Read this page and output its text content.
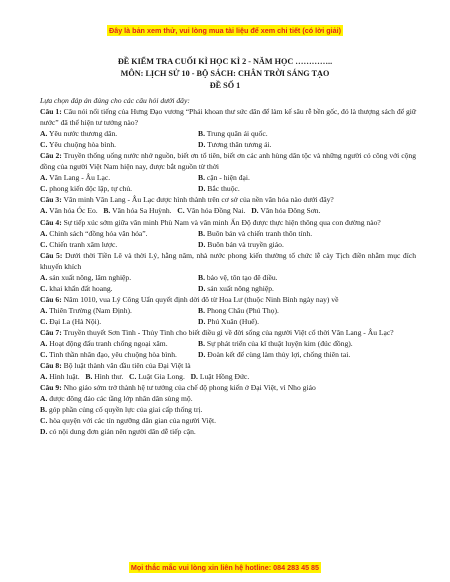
Đây là bản xem thử, vui lòng mua tài liệu để xem chi tiết (có lời giải)
ĐỀ KIỂM TRA CUỐI KÌ HỌC KÌ 2 - NĂM HỌC …………..
MÔN: LỊCH SỬ 10 - BỘ SÁCH: CHÂN TRỜI SÁNG TẠO
ĐỀ SỐ 1
Lựa chọn đáp án đúng cho các câu hỏi dưới đây:
Câu 1: Câu nói nổi tiếng của Hưng Đạo vương “Phải khoan thư sức dân để làm kế sâu rễ bền gốc, đó là thượng sách để giữ nước” đã thể hiện tư tưởng nào?
A. Yêu nước thương dân.	B. Trung quân ái quốc.
C. Yêu chuộng hòa bình.	D. Tương thân tương ái.
Câu 2: Truyền thống uống nước nhớ nguồn, biết ơn tổ tiên, biết ơn các anh hùng dân tộc và những người có công với cộng đồng của người Việt Nam hiện nay, được bắt nguồn từ thời
A. Văn Lang - Âu Lạc.	B. cận - hiện đại.
C. phong kiến độc lập, tự chủ.	D. Bắc thuộc.
Câu 3: Văn minh Văn Lang - Âu Lạc được hình thành trên cơ sở của nền văn hóa nào dưới đây?
A. Văn hóa Óc Eo. B. Văn hóa Sa Huỳnh. C. Văn hóa Đồng Nai. D. Văn hóa Đông Sơn.
Câu 4: Sự tiếp xúc sớm giữa văn minh Phù Nam và văn minh Ấn Độ được thực hiện thông qua con đường nào?
A. Chinh sách “đồng hóa văn hóa”.	B. Buôn bán và chiến tranh thôn tính.
C. Chiến tranh xâm lược.	D. Buôn bán và truyền giáo.
Câu 5: Dưới thời Tiền Lê và thời Lý, hằng năm, nhà nước phong kiến thường tổ chức lễ cày Tịch điền nhằm mục đích khuyến khích
A. sản xuất nông, lâm nghiệp.	B. bảo vệ, tôn tạo đê điều.
C. khai khẩn đất hoang.	D. sản xuất nông nghiệp.
Câu 6: Năm 1010, vua Lý Công Uẩn quyết định dời đô từ Hoa Lư (thuộc Ninh Bình ngày nay) về
A. Thiên Trường (Nam Định).	B. Phong Châu (Phú Thọ).
C. Đại La (Hà Nội).	D. Phú Xuân (Huế).
Câu 7: Truyền thuyết Sơn Tinh - Thủy Tinh cho biết điều gì về đời sống của người Việt cổ thời Văn Lang - Âu Lạc?
A. Hoạt động đấu tranh chống ngoại xâm.	B. Sự phát triển của kĩ thuật luyện kim (đúc đồng).
C. Tinh thần nhân đạo, yêu chuộng hòa bình.	D. Đoàn kết để cùng làm thủy lợi, chống thiên tai.
Câu 8: Bộ luật thành văn đầu tiên của Đại Việt là
A. Hình luật. B. Hình thư. C. Luật Gia Long. D. Luật Hồng Đức.
Câu 9: Nho giáo sớm trở thành hệ tư tưởng của chế độ phong kiến ở Đại Việt, vì Nho giáo
A. được đông đảo các tầng lớp nhân dân sùng mộ.
B. góp phần củng cố quyền lực của giai cấp thống trị.
C. hòa quyện với các tín ngưỡng dân gian của người Việt.
D. có nội dung đơn giản nên người dân dễ tiếp cận.
Mọi thắc mắc vui lòng xin liên hệ hotline: 084 283 45 85
